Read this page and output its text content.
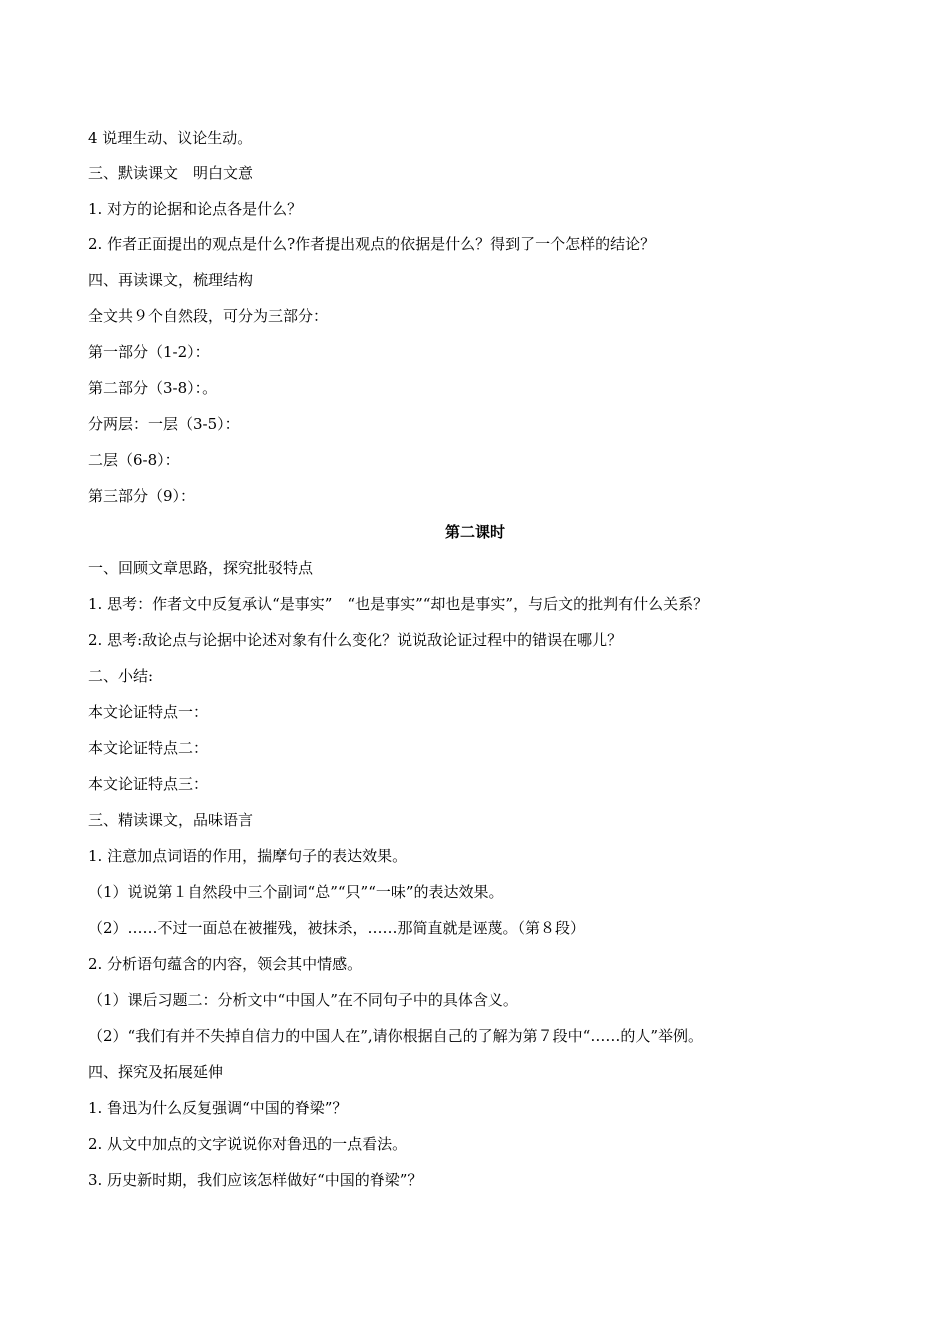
4 说理生动、议论生动。
三、默读课文　明白文意
1. 对方的论据和论点各是什么？
2. 作者正面提出的观点是什么?作者提出观点的依据是什么？得到了一个怎样的结论？
四、再读课文，梳理结构
全文共９个自然段，可分为三部分：
第一部分（1-2）：
第二部分（3-8）：。
分两层：一层（3-5）：
二层（6-8）：
第三部分（9）：
第二课时
一、回顾文章思路，探究批驳特点
1. 思考：作者文中反复承认“是事实”　“也是事实”“却也是事实”，与后文的批判有什么关系？
2. 思考:敌论点与论据中论述对象有什么变化？说说敌论证过程中的错误在哪儿？
二、小结:
本文论证特点一：
本文论证特点二：
本文论证特点三：
三、精读课文，品味语言
1. 注意加点词语的作用，揣摩句子的表达效果。
（1）说说第１自然段中三个副词“总”“只”“一味”的表达效果。
（2）……不过一面总在被摧残，被抹杀，……那简直就是诬蔑。（第８段）
2. 分析语句蕴含的内容，领会其中情感。
（1）课后习题二：分析文中“中国人”在不同句子中的具体含义。
（2）“我们有并不失掉自信力的中国人在”,请你根据自己的了解为第７段中“……的人”举例。
四、探究及拓展延伸
1. 鲁迅为什么反复强调“中国的脊梁”？
2. 从文中加点的文字说说你对鲁迅的一点看法。
3. 历史新时期，我们应该怎样做好“中国的脊梁”？
